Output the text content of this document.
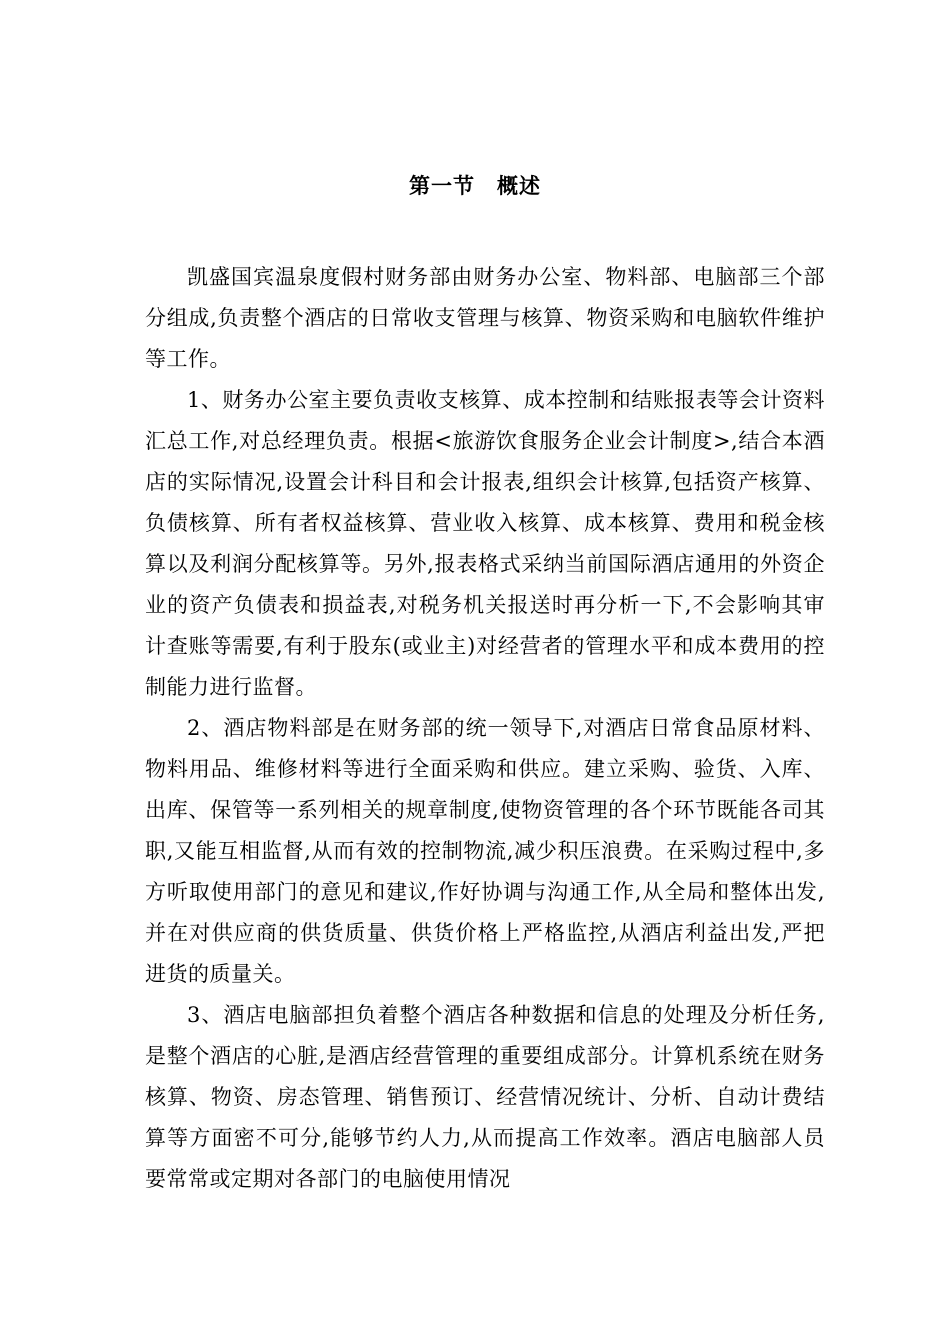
第一节　概述

凯盛国宾温泉度假村财务部由财务办公室、物料部、电脑部三个部分组成,负责整个酒店的日常收支管理与核算、物资采购和电脑软件维护等工作。

1、财务办公室主要负责收支核算、成本控制和结账报表等会计资料汇总工作,对总经理负责。根据<旅游饮食服务企业会计制度>,结合本酒店的实际情况,设置会计科目和会计报表,组织会计核算,包括资产核算、负债核算、所有者权益核算、营业收入核算、成本核算、费用和税金核算以及利润分配核算等。另外,报表格式采纳当前国际酒店通用的外资企业的资产负债表和损益表,对税务机关报送时再分析一下,不会影响其审计查账等需要,有利于股东(或业主)对经营者的管理水平和成本费用的控制能力进行监督。

2、酒店物料部是在财务部的统一领导下,对酒店日常食品原材料、物料用品、维修材料等进行全面采购和供应。建立采购、验货、入库、出库、保管等一系列相关的规章制度,使物资管理的各个环节既能各司其职,又能互相监督,从而有效的控制物流,减少积压浪费。在采购过程中,多方听取使用部门的意见和建议,作好协调与沟通工作,从全局和整体出发,并在对供应商的供货质量、供货价格上严格监控,从酒店利益出发,严把进货的质量关。

3、酒店电脑部担负着整个酒店各种数据和信息的处理及分析任务,是整个酒店的心脏,是酒店经营管理的重要组成部分。计算机系统在财务核算、物资、房态管理、销售预订、经营情况统计、分析、自动计费结算等方面密不可分,能够节约人力,从而提高工作效率。酒店电脑部人员要常常或定期对各部门的电脑使用情况
